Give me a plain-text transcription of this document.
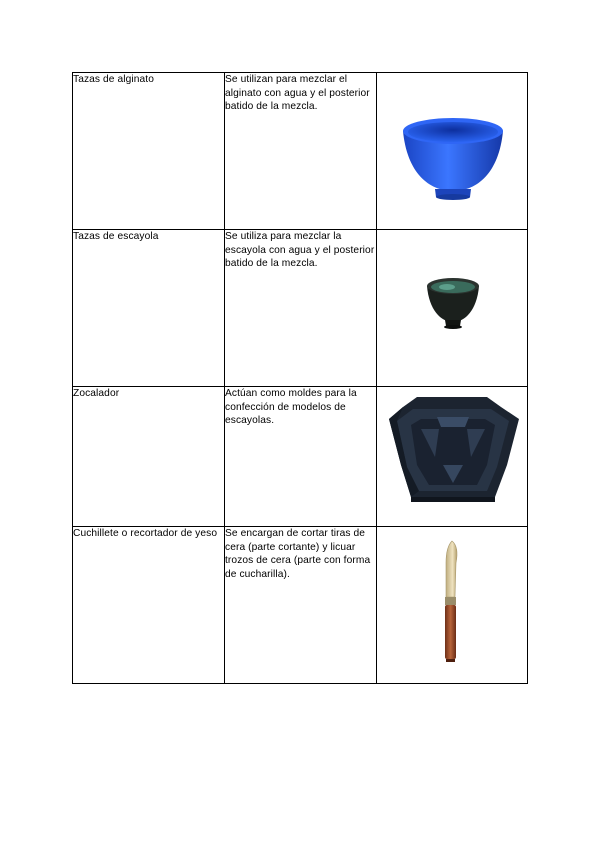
Tazas de alginato	Se utilizan para mezclar el alginato con agua y el posterior batido de la mezcla.	

Tazas de escayola	Se utiliza para mezclar la escayola con agua y el posterior batido de la mezcla.	

Zocalador	Actúan como moldes para la confección de modelos de escayolas.	

Cuchillete o recortador de yeso	Se encargan de cortar tiras de cera (parte cortante) y licuar trozos de cera (parte con forma de cucharilla).	
